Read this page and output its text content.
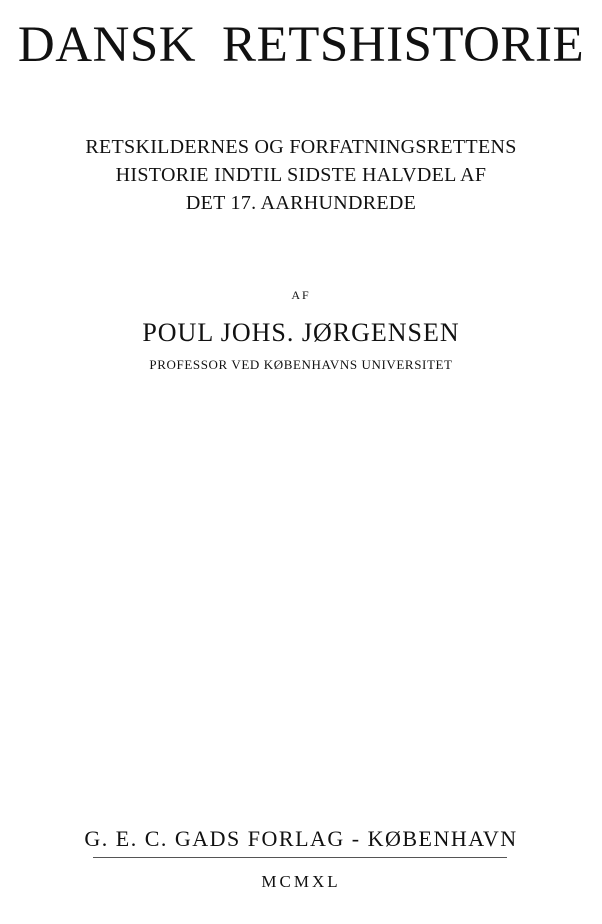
DANSK RETSHISTORIE
RETSKILDERNES OG FORFATNINGSRETTENS
HISTORIE INDTIL SIDSTE HALVDEL AF
DET 17. AARHUNDREDE
AF
POUL JOHS. JØRGENSEN
PROFESSOR VED KØBENHAVNS UNIVERSITET
G. E. C. GADS FORLAG - KØBENHAVN
MCMXL
